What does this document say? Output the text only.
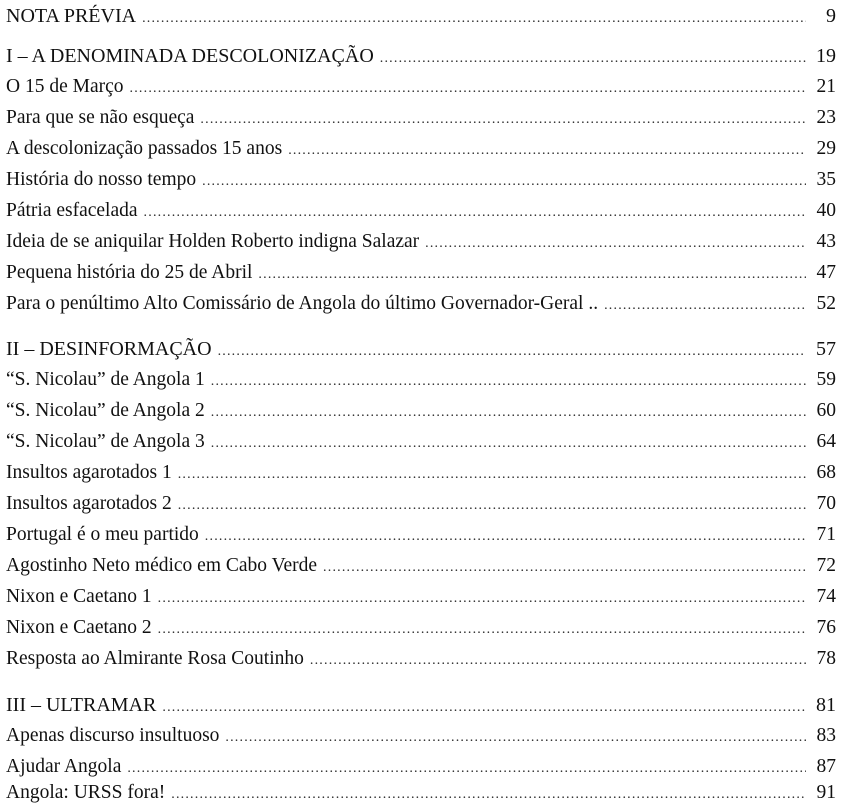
NOTA PRÉVIA .....	9
I – A DENOMINADA DESCOLONIZAÇÃO .....	19
O 15 de Março .....	21
Para que se não esqueça .....	23
A descolonização passados 15 anos .....	29
História do nosso tempo .....	35
Pátria esfacelada .....	40
Ideia de se aniquilar Holden Roberto indigna Salazar .....	43
Pequena história do 25 de Abril .....	47
Para o penúltimo Alto Comissário de Angola do último Governador-Geral .. .....	52
II – DESINFORMAÇÃO .....	57
“S. Nicolau” de Angola 1 .....	59
“S. Nicolau” de Angola 2 .....	60
“S. Nicolau” de Angola 3 .....	64
Insultos agarotados 1 .....	68
Insultos agarotados 2 .....	70
Portugal é o meu partido .....	71
Agostinho Neto médico em Cabo Verde .....	72
Nixon e Caetano 1 .....	74
Nixon e Caetano 2 .....	76
Resposta ao Almirante Rosa Coutinho .....	78
III – ULTRAMAR .....	81
Apenas discurso insultuoso .....	83
Ajudar Angola .....	87
Angola: URSS fora! .....	91
